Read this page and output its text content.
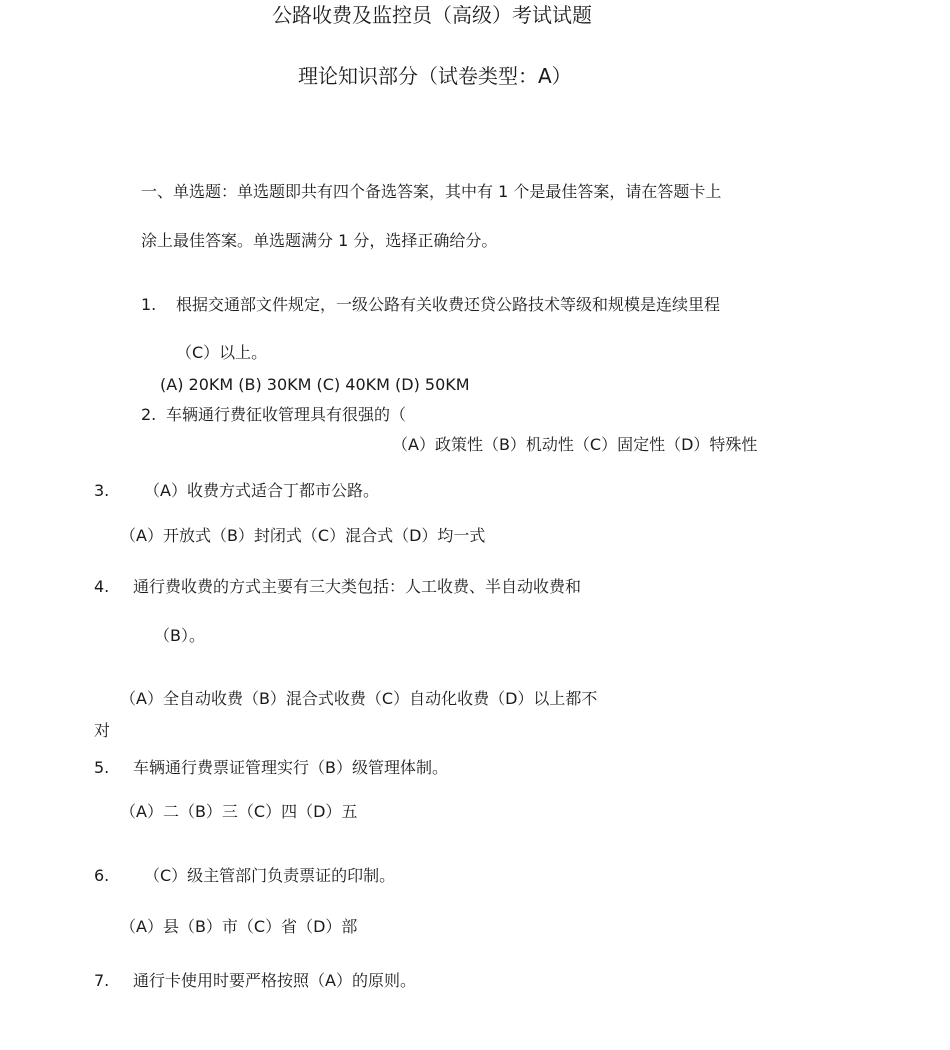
公路收费及监控员（高级）考试试题
理论知识部分（试卷类型：A）
一、单选题：单选题即共有四个备选答案，其中有 1 个是最佳答案，请在答题卡上
涂上最佳答案。单选题满分 1 分，选择正确给分。
1. 根据交通部文件规定，一级公路有关收费还贷公路技术等级和规模是连续里程
（C）以上。
(A) 20KM (B) 30KM (C) 40KM (D) 50KM
2. 车辆通行费征收管理具有很强的（
（A）政策性（B）机动性（C）固定性（D）特殊性
3. （A）收费方式适合丁都市公路。
（A）开放式（B）封闭式（C）混合式（D）均一式
4. 通行费收费的方式主要有三大类包括：人工收费、半自动收费和
（B）。
（A）全自动收费（B）混合式收费（C）自动化收费（D）以上都不
对
5. 车辆通行费票证管理实行（B）级管理体制。
（A）二（B）三（C）四（D）五
6. （C）级主管部门负责票证的印制。
（A）县（B）市（C）省（D）部
7. 通行卡使用时要严格按照（A）的原则。
